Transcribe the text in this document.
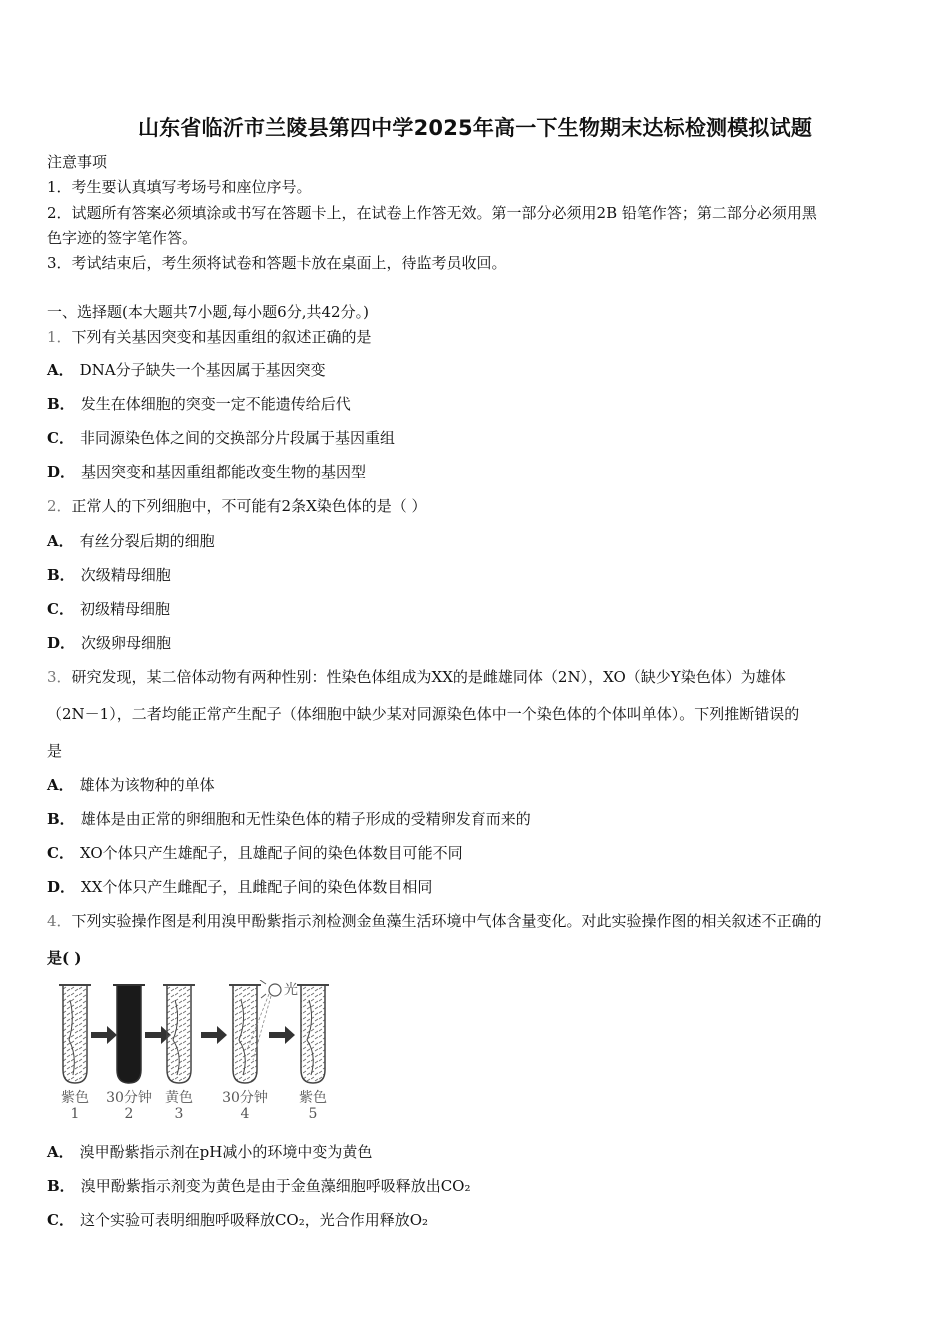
山东省临沂市兰陵县第四中学2025年高一下生物期末达标检测模拟试题
注意事项
1．考生要认真填写考场号和座位序号。
2．试题所有答案必须填涂或书写在答题卡上，在试卷上作答无效。第一部分必须用2B 铅笔作答；第二部分必须用黑
色字迹的签字笔作答。
3．考试结束后，考生须将试卷和答题卡放在桌面上，待监考员收回。
一、选择题(本大题共7小题,每小题6分,共42分。)
1．下列有关基因突变和基因重组的叙述正确的是
A． DNA分子缺失一个基因属于基因突变
B． 发生在体细胞的突变一定不能遗传给后代
C． 非同源染色体之间的交换部分片段属于基因重组
D． 基因突变和基因重组都能改变生物的基因型
2．正常人的下列细胞中，不可能有2条X染色体的是（ ）
A． 有丝分裂后期的细胞
B． 次级精母细胞
C． 初级精母细胞
D． 次级卵母细胞
3．研究发现，某二倍体动物有两种性别：性染色体组成为XX的是雌雄同体（2N），XO（缺少Y染色体）为雄体
（2N－1），二者均能正常产生配子（体细胞中缺少某对同源染色体中一个染色体的个体叫单体）。下列推断错误的
是
A． 雄体为该物种的单体
B． 雄体是由正常的卵细胞和无性染色体的精子形成的受精卵发育而来的
C． XO个体只产生雄配子，且雄配子间的染色体数目可能不同
D． XX个体只产生雌配子，且雌配子间的染色体数目相同
4．下列实验操作图是利用溴甲酚紫指示剂检测金鱼藻生活环境中气体含量变化。对此实验操作图的相关叙述不正确的
是( )
光
紫色
1
30分钟
2
黄色
3
30分钟
4
紫色
5
A． 溴甲酚紫指示剂在pH减小的环境中变为黄色
B． 溴甲酚紫指示剂变为黄色是由于金鱼藻细胞呼吸释放出CO₂
C． 这个实验可表明细胞呼吸释放CO₂，光合作用释放O₂
